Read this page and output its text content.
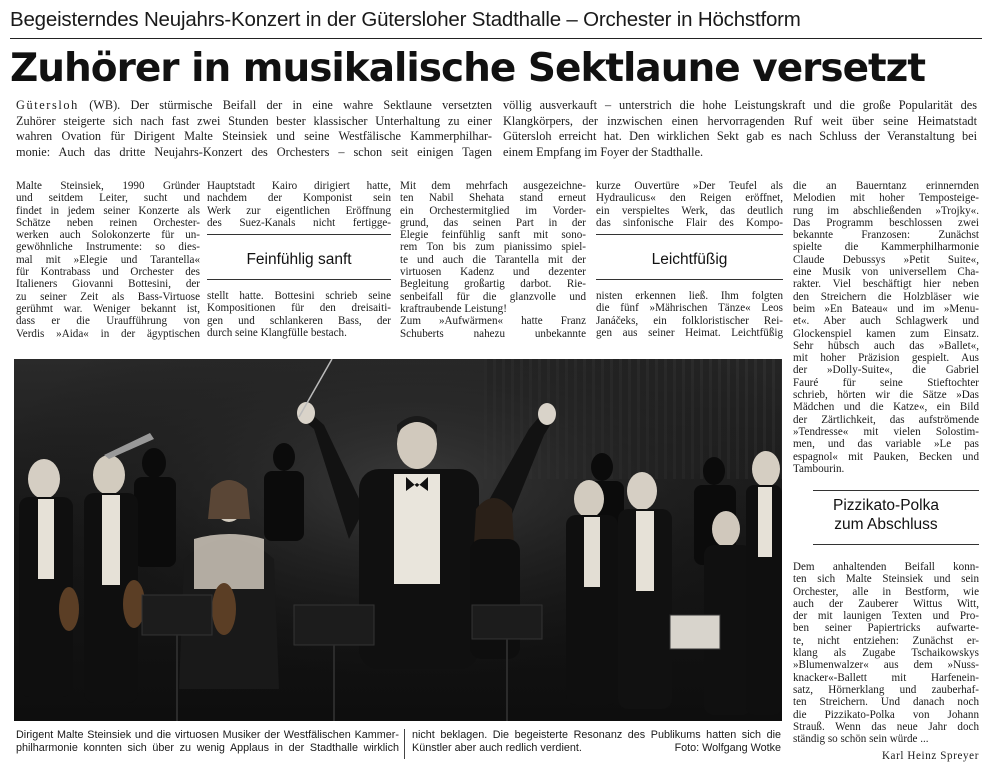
Begeisterndes Neujahrs-Konzert in der Gütersloher Stadthalle – Orchester in Höchstform
Zuhörer in musikalische Sektlaune versetzt
Gütersloh (WB). Der stürmische Beifall der in eine wahre Sektlaune versetzten
Zuhörer steigerte sich nach fast zwei Stunden bester klassischer Unterhaltung zu einer
wahren Ovation für Dirigent Malte Steinsiek und seine Westfälische Kammerphilhar-
monie: Auch das dritte Neujahrs-Konzert des Orchesters – schon seit einigen Tagen
völlig ausverkauft – unterstrich die hohe Leistungskraft und die große Popularität des
Klangkörpers, der inzwischen einen hervorragenden Ruf weit über seine Heimatstadt
Gütersloh erreicht hat. Den wirklichen Sekt gab es nach Schluss der Veranstaltung bei
einem Empfang im Foyer der Stadthalle.
Malte Steinsiek, 1990 Gründer
und seitdem Leiter, sucht und
findet in jedem seiner Konzerte als
Schätze neben reinen Orchester-
werken auch Solokonzerte für un-
gewöhnliche Instrumente: so dies-
mal mit »Elegie und Tarantella«
für Kontrabass und Orchester des
Italieners Giovanni Bottesini, der
zu seiner Zeit als Bass-Virtuose
gerühmt war. Weniger bekannt ist,
dass er die Uraufführung von
Verdis »Aida« in der ägyptischen
Hauptstadt Kairo dirigiert hatte,
nachdem der Komponist sein
Werk zur eigentlichen Eröffnung
des Suez-Kanals nicht fertigge-
Feinfühlig sanft
stellt hatte. Bottesini schrieb seine
Kompositionen für den dreisaiti-
gen und schlankeren Bass, der
durch seine Klangfülle bestach.
Mit dem mehrfach ausgezeichne-
ten Nabil Shehata stand erneut
ein Orchestermitglied im Vorder-
grund, das seinen Part in der
Elegie feinfühlig sanft mit sono-
rem Ton bis zum pianissimo spiel-
te und auch die Tarantella mit der
virtuosen Kadenz und dezenter
Begleitung großartig darbot. Rie-
senbeifall für die glanzvolle und
kraftraubende Leistung!
Zum »Aufwärmen« hatte Franz
Schuberts nahezu unbekannte
kurze Ouvertüre »Der Teufel als
Hydraulicus« den Reigen eröffnet,
ein verspieltes Werk, das deutlich
das sinfonische Flair des Kompo-
Leichtfüßig
nisten erkennen ließ. Ihm folgten
die fünf »Mährischen Tänze« Leos
Janáčeks, ein folkloristischer Rei-
gen aus seiner Heimat. Leichtfüßig
die an Bauerntanz erinnernden
Melodien mit hoher Temposteige-
rung im abschließenden »Trojky«.
Das Programm beschlossen zwei
bekannte Franzosen: Zunächst
spielte die Kammerphilharmonie
Claude Debussys »Petit Suite«,
eine Musik von universellem Cha-
rakter. Viel beschäftigt hier neben
den Streichern die Holzbläser wie
beim »En Bateau« und im »Menu-
et«. Aber auch Schlagwerk und
Glockenspiel kamen zum Einsatz.
Sehr hübsch auch das »Ballet«,
mit hoher Präzision gespielt. Aus
der »Dolly-Suite«, die Gabriel
Fauré für seine Stieftochter
schrieb, hörten wir die Sätze »Das
Mädchen und die Katze«, ein Bild
der Zärtlichkeit, das aufströmende
»Tendresse« mit vielen Solostim-
men, und das variable »Le pas
espagnol« mit Pauken, Becken und
Tambourin.
Pizzikato-Polka
zum Abschluss
Dem anhaltenden Beifall konn-
ten sich Malte Steinsiek und sein
Orchester, alle in Bestform, wie
auch der Zauberer Wittus Witt,
der mit launigen Texten und Pro-
ben seiner Papiertricks aufwarte-
te, nicht entziehen: Zunächst er-
klang als Zugabe Tschaikowskys
»Blumenwalzer« aus dem »Nuss-
knacker«-Ballett mit Harfenein-
satz, Hörnerklang und zauberhaf-
ten Streichern. Und danach noch
die Pizzikato-Polka von Johann
Strauß. Wenn das neue Jahr doch
ständig so schön sein würde ...
Karl Heinz Spreyer
Dirigent Malte Steinsiek und die virtuosen Musiker der Westfälischen Kammer-
philharmonie konnten sich über zu wenig Applaus in der Stadthalle wirklich
nicht beklagen. Die begeisterte Resonanz des Publikums hatten sich die
Künstler aber auch redlich verdient.	Foto: Wolfgang Wotke
